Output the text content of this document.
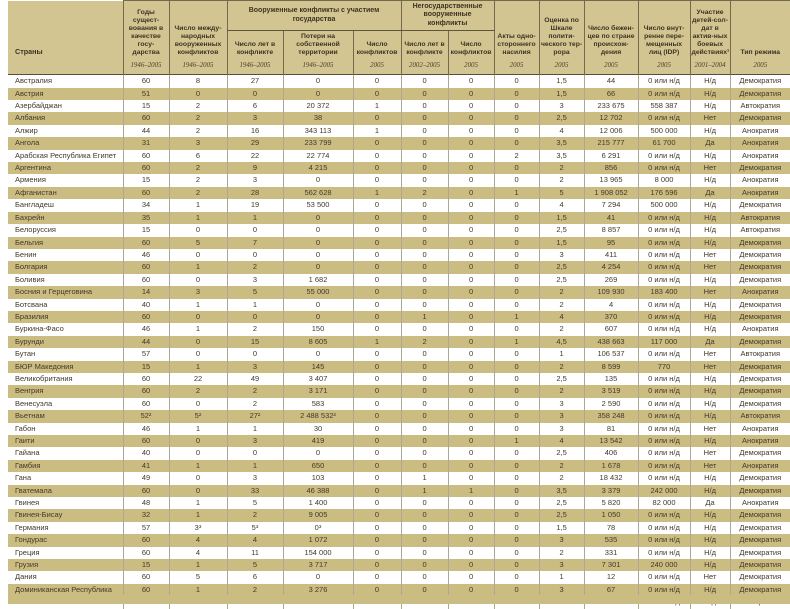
Страны	Годы сущест-вования в качестве госу-дарства	Число между-народных вооруженных конфликтов	Вооруженные конфликты с участием государства			Негосударственные вооруженные конфликты		Акты одно-стороннего насилия	Оценка по Шкале полити-ческого тер-рора	Число бежен-цев по стране происхож-дения	Число внут-ренне пере-мещенных лиц (IDP)	Участие детей-сол-дат в актив-ных боевых действиях¹	Тип режима
			Число лет в конфликте	Потери на собственной территории	Число конфликтов	Число лет в конфликте	Число конфликтов						
	1946–2005	1946–2005	1946–2005	1946–2005	2005	2002–2005	2005	2005	2005	2005	2005	2001–2004	2005
Австралия	60	8	27	0	0	0	0	0	1,5	44	0 или н/д	Н/д	Демократия
Австрия	51	0	0	0	0	0	0	0	1,5	66	0 или н/д	Н/д	Демократия
Азербайджан	15	2	6	20 372	1	0	0	0	3	233 675	558 387	Н/д	Автократия
Албания	60	2	3	38	0	0	0	0	2,5	12 702	0 или н/д	Нет	Демократия
Алжир	44	2	16	343 113	1	0	0	0	4	12 006	500 000	Н/д	Анократия
Ангола	31	3	29	233 799	0	0	0	0	3,5	215 777	61 700	Да	Анократия
Арабская Республика Египет	60	6	22	22 774	0	0	0	2	3,5	6 291	0 или н/д	Н/д	Анократия
Аргентина	60	2	9	4 215	0	0	0	0	2	856	0 или н/д	Нет	Демократия
Армения	15	2	3	0	0	0	0	0	2	13 965	8 000	Н/д	Анократия
Афганистан	60	2	28	562 628	1	2	0	1	5	1 908 052	176 596	Да	Анократия
Бангладеш	34	1	19	53 500	0	0	0	0	4	7 294	500 000	Н/д	Демократия
Бахрейн	35	1	1	0	0	0	0	0	1,5	41	0 или н/д	Н/д	Автократия
Белоруссия	15	0	0	0	0	0	0	0	2,5	8 857	0 или н/д	Н/д	Автократия
Бельгия	60	5	7	0	0	0	0	0	1,5	95	0 или н/д	Н/д	Демократия
Бенин	46	0	0	0	0	0	0	0	3	411	0 или н/д	Нет	Демократия
Болгария	60	1	2	0	0	0	0	0	2,5	4 254	0 или н/д	Нет	Демократия
Боливия	60	0	3	1 682	0	0	0	0	2,5	269	0 или н/д	Н/д	Демократия
Босния и Герцеговина	14	3	5	55 000	0	0	0	0	2	109 930	183 400	Нет	Анократия
Ботсвана	40	1	1	0	0	0	0	0	2	4	0 или н/д	Н/д	Демократия
Бразилия	60	0	0	0	0	1	0	1	4	370	0 или н/д	Н/д	Демократия
Буркина-Фасо	46	1	2	150	0	0	0	0	2	607	0 или н/д	Н/д	Анократия
Бурунди	44	0	15	8 605	1	2	0	1	4,5	438 663	117 000	Да	Демократия
Бутан	57	0	0	0	0	0	0	0	1	106 537	0 или н/д	Нет	Автократия
БЮР Македония	15	1	3	145	0	0	0	0	2	8 599	770	Нет	Демократия
Великобритания	60	22	49	3 407	0	0	0	0	2,5	135	0 или н/д	Н/д	Демократия
Венгрия	60	2	2	3 171	0	0	0	0	2	3 519	0 или н/д	Н/д	Демократия
Венесуэла	60	0	2	583	0	0	0	0	3	2 590	0 или н/д	Н/д	Демократия
Вьетнам	52²	5²	27²	2 488 532²	0	0	0	0	3	358 248	0 или н/д	Н/д	Автократия
Габон	46	1	1	30	0	0	0	0	3	81	0 или н/д	Нет	Анократия
Гаити	60	0	3	419	0	0	0	1	4	13 542	0 или н/д	Н/д	Анократия
Гайана	40	0	0	0	0	0	0	0	2,5	406	0 или н/д	Нет	Демократия
Гамбия	41	1	1	650	0	0	0	0	2	1 678	0 или н/д	Нет	Анократия
Гана	49	0	3	103	0	1	0	0	2	18 432	0 или н/д	Н/д	Демократия
Гватемала	60	0	33	46 388	0	1	1	0	3,5	3 379	242 000	Н/д	Демократия
Гвинея	48	1	5	1 400	0	0	0	0	2,5	5 820	82 000	Да	Анократия
Гвинея-Бисау	32	1	2	9 005	0	0	0	0	2,5	1 050	0 или н/д	Н/д	Демократия
Германия	57	3³	5³	0³	0	0	0	0	1,5	78	0 или н/д	Н/д	Демократия
Гондурас	60	4	4	1 072	0	0	0	0	3	535	0 или н/д	Н/д	Демократия
Греция	60	4	11	154 000	0	0	0	0	2	331	0 или н/д	Н/д	Демократия
Грузия	15	1	5	3 717	0	0	0	0	3	7 301	240 000	Н/д	Демократия
Дания	60	5	6	0	0	0	0	0	1	12	0 или н/д	Нет	Демократия
Доминиканская Республика	60	1	2	3 276	0	0	0	0	3	67	0 или н/д	Н/д	Демократия
